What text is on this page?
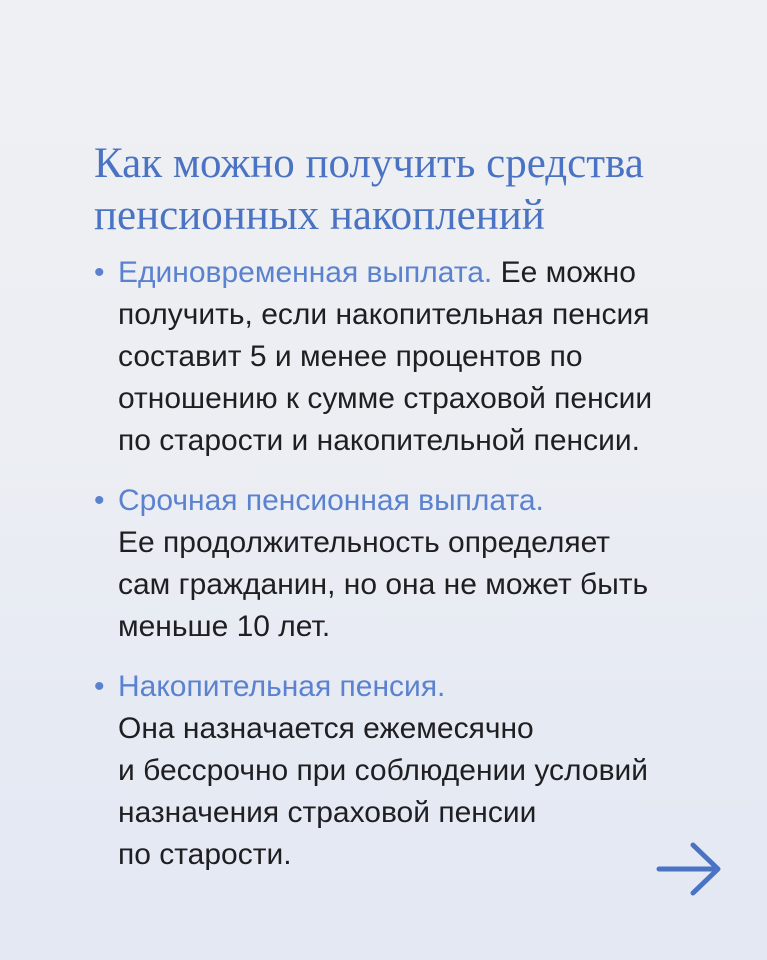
Как можно получить средства
пенсионных накоплений
• Единовременная выплата. Ее можно
получить, если накопительная пенсия
составит 5 и менее процентов по
отношению к сумме страховой пенсии
по старости и накопительной пенсии.
• Срочная пенсионная выплата.
Ее продолжительность определяет
сам гражданин, но она не может быть
меньше 10 лет.
• Накопительная пенсия.
Она назначается ежемесячно
и бессрочно при соблюдении условий
назначения страховой пенсии
по старости.
